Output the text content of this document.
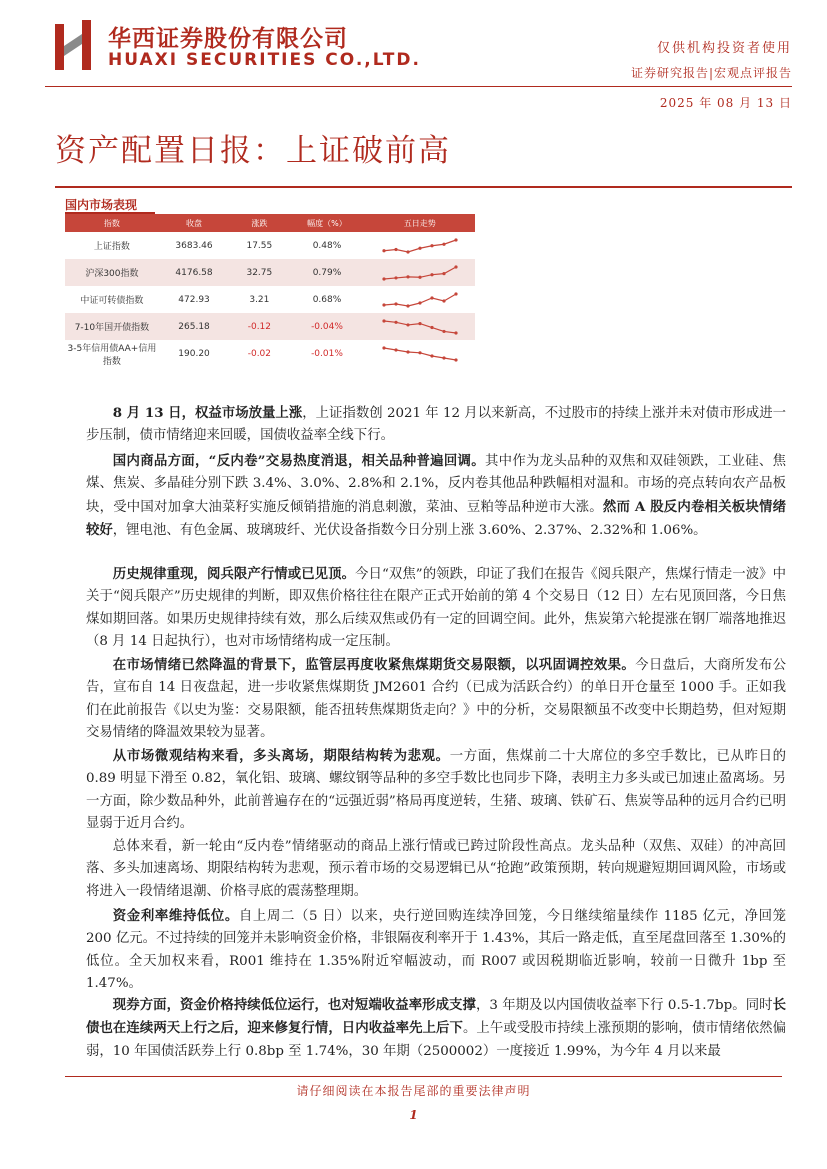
华西证券股份有限公司
HUAXI SECURITIES CO.,LTD.
仅供机构投资者使用
证券研究报告|宏观点评报告
2025 年 08 月 13 日
资产配置日报：上证破前高
国内市场表现
指数	收盘	涨跌	幅度（%）	五日走势
上证指数	3683.46	17.55	0.48%	

沪深300指数	4176.58	32.75	0.79%	

中证可转债指数	472.93	3.21	0.68%	

7-10年国开债指数	265.18	-0.12	-0.04%	

3-5年信用债AA+信用指数	190.20	-0.02	-0.01%	
8 月 13 日，权益市场放量上涨，上证指数创 2021 年 12 月以来新高，不过股市的持续上涨并未对债市形成进一步压制，债市情绪迎来回暖，国债收益率全线下行。
国内商品方面，“反内卷”交易热度消退，相关品种普遍回调。其中作为龙头品种的双焦和双硅领跌，工业硅、焦煤、焦炭、多晶硅分别下跌 3.4%、3.0%、2.8%和 2.1%，反内卷其他品种跌幅相对温和。市场的亮点转向农产品板块，受中国对加拿大油菜籽实施反倾销措施的消息刺激，菜油、豆粕等品种逆市大涨。然而 A 股反内卷相关板块情绪较好，锂电池、有色金属、玻璃玻纤、光伏设备指数今日分别上涨 3.60%、2.37%、2.32%和 1.06%。
历史规律重现，阅兵限产行情或已见顶。今日“双焦”的领跌，印证了我们在报告《阅兵限产，焦煤行情走一波》中关于“阅兵限产”历史规律的判断，即双焦价格往往在限产正式开始前的第 4 个交易日（12 日）左右见顶回落，今日焦煤如期回落。如果历史规律持续有效，那么后续双焦或仍有一定的回调空间。此外，焦炭第六轮提涨在钢厂端落地推迟（8 月 14 日起执行），也对市场情绪构成一定压制。
在市场情绪已然降温的背景下，监管层再度收紧焦煤期货交易限额，以巩固调控效果。今日盘后，大商所发布公告，宣布自 14 日夜盘起，进一步收紧焦煤期货 JM2601 合约（已成为活跃合约）的单日开仓量至 1000 手。正如我们在此前报告《以史为鉴：交易限额，能否扭转焦煤期货走向？》中的分析，交易限额虽不改变中长期趋势，但对短期交易情绪的降温效果较为显著。
从市场微观结构来看，多头离场，期限结构转为悲观。一方面，焦煤前二十大席位的多空手数比，已从昨日的 0.89 明显下滑至 0.82，氧化铝、玻璃、螺纹钢等品种的多空手数比也同步下降，表明主力多头或已加速止盈离场。另一方面，除少数品种外，此前普遍存在的“远强近弱”格局再度逆转，生猪、玻璃、铁矿石、焦炭等品种的远月合约已明显弱于近月合约。
总体来看，新一轮由“反内卷”情绪驱动的商品上涨行情或已跨过阶段性高点。龙头品种（双焦、双硅）的冲高回落、多头加速离场、期限结构转为悲观，预示着市场的交易逻辑已从“抢跑”政策预期，转向规避短期回调风险，市场或将进入一段情绪退潮、价格寻底的震荡整理期。
资金利率维持低位。自上周二（5 日）以来，央行逆回购连续净回笼，今日继续缩量续作 1185 亿元，净回笼 200 亿元。不过持续的回笼并未影响资金价格，非银隔夜利率开于 1.43%，其后一路走低，直至尾盘回落至 1.30%的低位。全天加权来看，R001 维持在 1.35%附近窄幅波动，而 R007 或因税期临近影响，较前一日微升 1bp 至 1.47%。
现券方面，资金价格持续低位运行，也对短端收益率形成支撑，3 年期及以内国债收益率下行 0.5-1.7bp。同时长债也在连续两天上行之后，迎来修复行情，日内收益率先上后下。上午或受股市持续上涨预期的影响，债市情绪依然偏弱，10 年国债活跃券上行 0.8bp 至 1.74%，30 年期（2500002）一度接近 1.99%，为今年 4 月以来最
请仔细阅读在本报告尾部的重要法律声明
1
